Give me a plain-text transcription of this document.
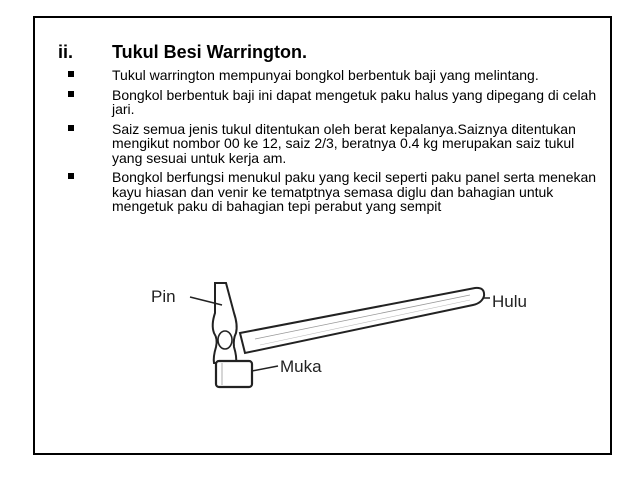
ii.	Tukul Besi Warrington.
Tukul warrington mempunyai bongkol berbentuk baji yang melintang.
Bongkol berbentuk baji ini dapat mengetuk paku halus yang dipegang di celah jari.
Saiz semua jenis tukul ditentukan oleh berat kepalanya.Saiznya ditentukan mengikut nombor 00 ke 12, saiz 2/3, beratnya 0.4 kg merupakan saiz tukul yang sesuai untuk kerja am.
Bongkol berfungsi menukul paku yang kecil seperti paku panel serta menekan kayu hiasan dan venir ke tematptnya semasa diglu dan bahagian untuk mengetuk paku di bahagian tepi perabut yang sempit
Pin	Hulu
Muka
